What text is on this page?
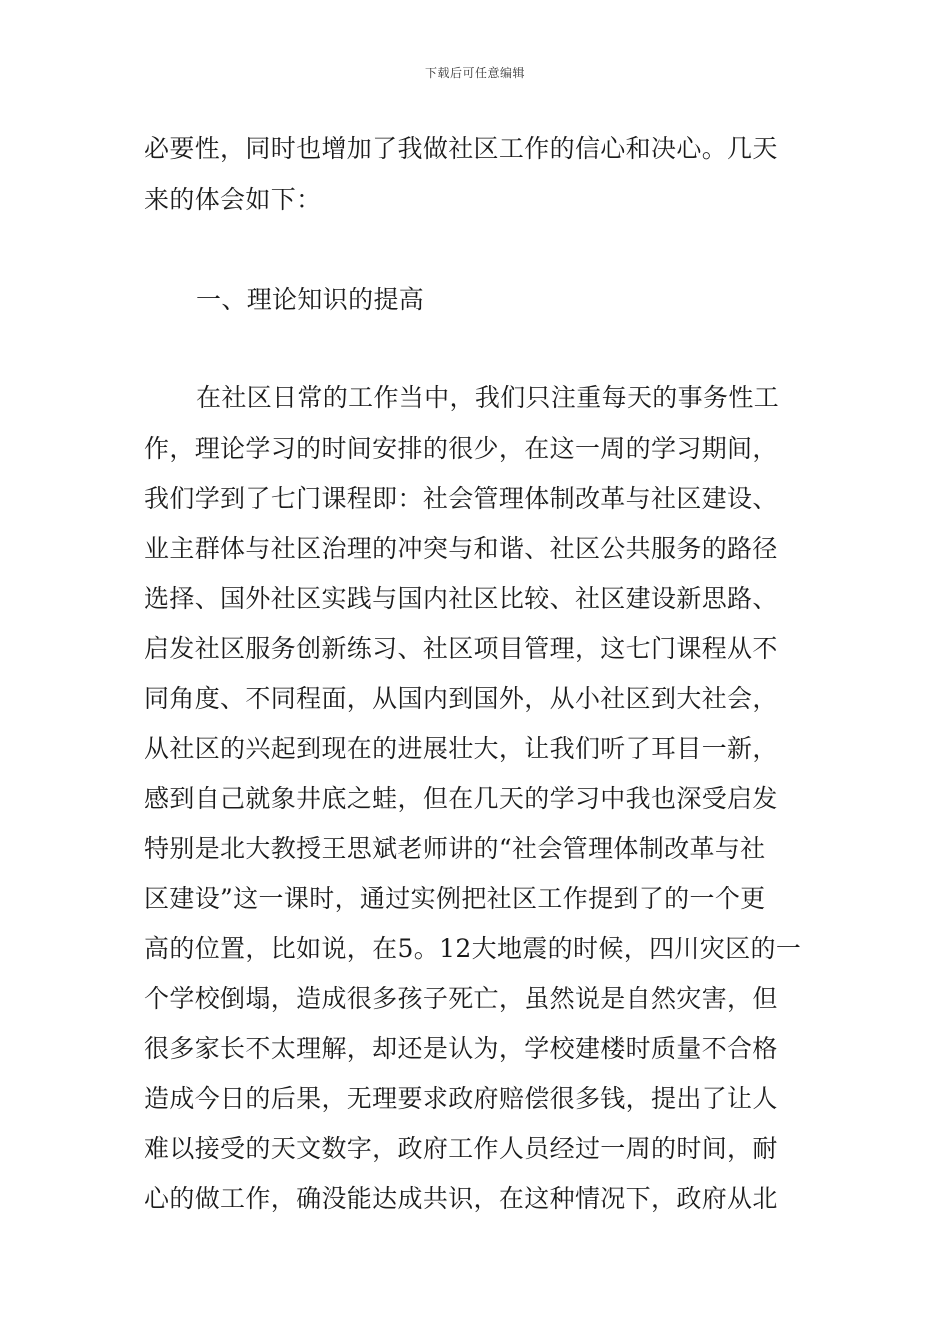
下载后可任意编辑
必要性，同时也增加了我做社区工作的信心和决心。几天
来的体会如下：
一、理论知识的提高
在社区日常的工作当中，我们只注重每天的事务性工
作，理论学习的时间安排的很少，在这一周的学习期间，
我们学到了七门课程即：社会管理体制改革与社区建设、
业主群体与社区治理的冲突与和谐、社区公共服务的路径
选择、国外社区实践与国内社区比较、社区建设新思路、
启发社区服务创新练习、社区项目管理，这七门课程从不
同角度、不同程面，从国内到国外，从小社区到大社会，
从社区的兴起到现在的进展壮大，让我们听了耳目一新，
感到自己就象井底之蛙，但在几天的学习中我也深受启发
特别是北大教授王思斌老师讲的“社会管理体制改革与社
区建设”这一课时，通过实例把社区工作提到了的一个更
高的位置，比如说，在5。12大地震的时候，四川灾区的一
个学校倒塌，造成很多孩子死亡，虽然说是自然灾害，但
很多家长不太理解，却还是认为，学校建楼时质量不合格
造成今日的后果，无理要求政府赔偿很多钱，提出了让人
难以接受的天文数字，政府工作人员经过一周的时间，耐
心的做工作，确没能达成共识，在这种情况下，政府从北
